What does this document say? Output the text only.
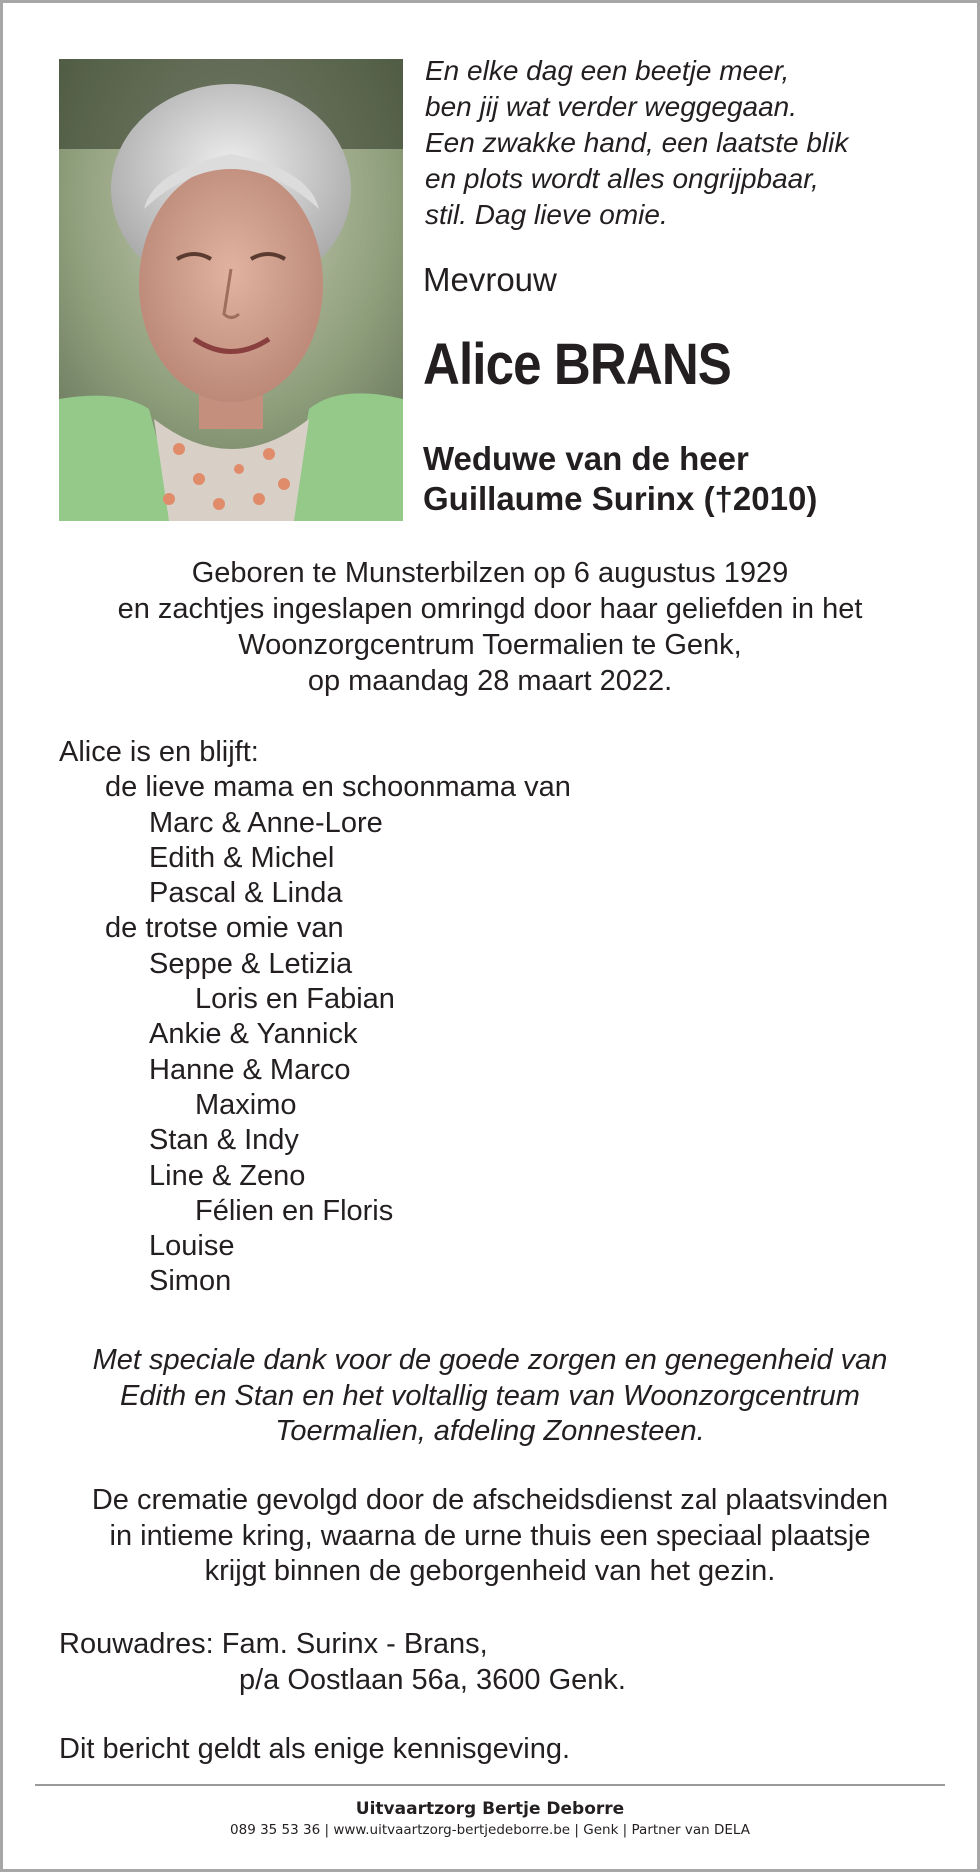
En elke dag een beetje meer,
ben jij wat verder weggegaan.
Een zwakke hand, een laatste blik
en plots wordt alles ongrijpbaar,
stil. Dag lieve omie.
Mevrouw
Alice BRANS
Weduwe van de heer
Guillaume Surinx (†2010)
Geboren te Munsterbilzen op 6 augustus 1929
en zachtjes ingeslapen omringd door haar geliefden in het
Woonzorgcentrum Toermalien te Genk,
op maandag 28 maart 2022.
Alice is en blijft:
de lieve mama en schoonmama van
Marc & Anne-Lore
Edith & Michel
Pascal & Linda
de trotse omie van
Seppe & Letizia
Loris en Fabian
Ankie & Yannick
Hanne & Marco
Maximo
Stan & Indy
Line & Zeno
Félien en Floris
Louise
Simon
Met speciale dank voor de goede zorgen en genegenheid van
Edith en Stan en het voltallig team van Woonzorgcentrum
Toermalien, afdeling Zonnesteen.
De crematie gevolgd door de afscheidsdienst zal plaatsvinden
in intieme kring, waarna de urne thuis een speciaal plaatsje
krijgt binnen de geborgenheid van het gezin.
Rouwadres: Fam. Surinx - Brans,
p/a Oostlaan 56a, 3600 Genk.
Dit bericht geldt als enige kennisgeving.
Uitvaartzorg Bertje Deborre
089 35 53 36 | www.uitvaartzorg-bertjedeborre.be | Genk | Partner van DELA
